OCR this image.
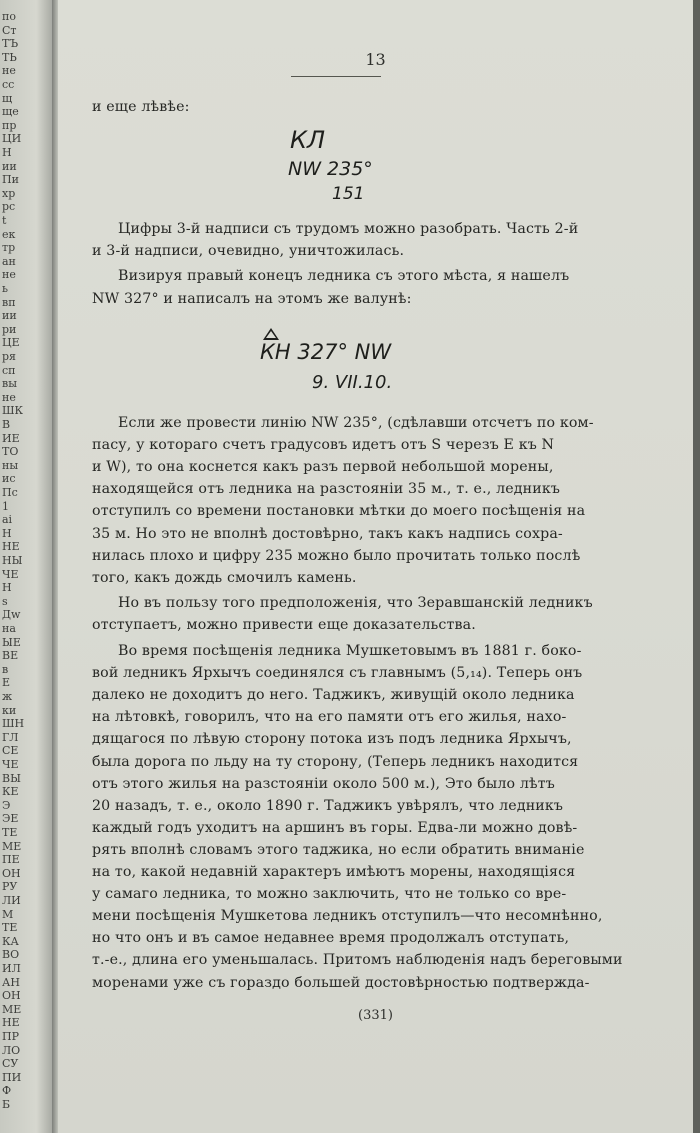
по
Ст
ТЪ
ТЬ
не
сс
щ
ще
пр
ЦИ
H
ии
Пи
хр
рс
t
ек
тр
ан
не
ь
вп
ии
ри
ЦЕ
ря
сп
вы
не
ШК
В
ИЕ
ТО
ны
ис
Пс
1
ai
Н
НЕ
НЫ
ЧЕ
Н
s
Дw
на
ЫЕ
ВЕ
в
E
ж
ки
ШН
ГЛ
СЕ
ЧЕ
ВЫ
КЕ
Э
ЭЕ
ТЕ
МЕ
ПЕ
ОН
РУ
ЛИ
М
ТЕ
КА
ВО
ИЛ
АН
ОН
МЕ
НЕ
ПР
ЛО
СУ
ПИ
Ф
Б
13
и еще лѣвѣе:
КЛ
NW 235°
151
Цифры 3-й надписи съ трудомъ можно разобрать. Часть 2-й
и 3-й надписи, очевидно, уничтожилась.
Визируя правый конецъ ледника съ этого мѣста, я нашелъ
NW 327° и написалъ на этомъ же валунѣ:
КН 327° NW
9. VII.10.
Если же провести линію NW 235°, (сдѣлавши отсчетъ по ком-
пасу, у котораго счетъ градусовъ идетъ отъ S черезъ E къ N
и W), то она коснется какъ разъ первой небольшой морены,
находящейся отъ ледника на разстояніи 35 м., т. е., ледникъ
отступилъ со времени постановки мѣтки до моего посѣщенія на
35 м. Но это не вполнѣ достовѣрно, такъ какъ надпись сохра-
нилась плохо и цифру 235 можно было прочитать только послѣ
того, какъ дождь смочилъ камень.
Но въ пользу того предположенія, что Зеравшанскій ледникъ
отступаетъ, можно привести еще доказательства.
Во время посѣщенія ледника Мушкетовымъ въ 1881 г. боко-
вой ледникъ Ярхычъ соединялся съ главнымъ (5,₁₄). Теперь онъ
далеко не доходитъ до него. Таджикъ, живущій около ледника
на лѣтовкѣ, говорилъ, что на его памяти отъ его жилья, нахо-
дящагося по лѣвую сторону потока изъ подъ ледника Ярхычъ,
была дорога по льду на ту сторону, (Теперь ледникъ находится
отъ этого жилья на разстояніи около 500 м.), Это было лѣтъ
20 назадъ, т. е., около 1890 г. Таджикъ увѣрялъ, что ледникъ
каждый годъ уходитъ на аршинъ въ горы. Едва-ли можно довѣ-
рять вполнѣ словамъ этого таджика, но если обратить вниманіе
на то, какой недавній характеръ имѣютъ морены, находящіяся
у самаго ледника, то можно заключить, что не только со вре-
мени посѣщенія Мушкетова ледникъ отступилъ—что несомнѣнно,
но что онъ и въ самое недавнее время продолжалъ отступать,
т.-е., длина его уменьшалась. Притомъ наблюденія надъ береговыми
моренами уже съ гораздо большей достовѣрностью подтвержда-
(331)
